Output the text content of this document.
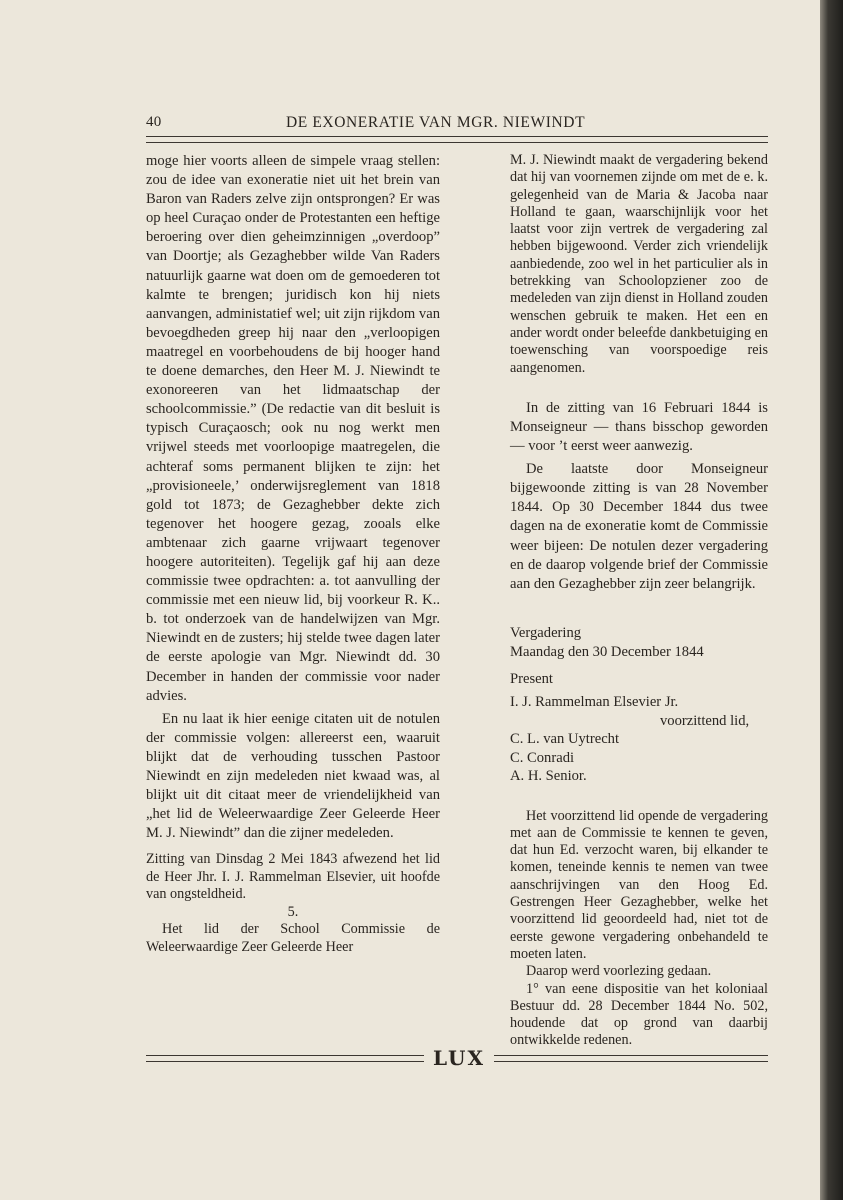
40	DE EXONERATIE VAN MGR. NIEWINDT

moge hier voorts alleen de simpele vraag stellen: zou de idee van exoneratie niet uit het brein van Baron van Raders zelve zijn ontsprongen? Er was op heel Curaçao onder de Protestanten een heftige beroering over dien geheimzinnigen „overdoop” van Doortje; als Gezaghebber wilde Van Raders natuurlijk gaarne wat doen om de gemoederen tot kalmte te brengen; juridisch kon hij niets aanvangen, administatief wel; uit zijn rijkdom van bevoegdheden greep hij naar den „verloopigen maatregel en voorbehoudens de bij hooger hand te doene demarches, den Heer M. J. Niewindt te exonoreeren van het lidmaatschap der schoolcommissie.” (De redactie van dit besluit is typisch Curaçaosch; ook nu nog werkt men vrijwel steeds met voorloopige maatregelen, die achteraf soms permanent blijken te zijn: het „provisioneele,’ onderwijsreglement van 1818 gold tot 1873; de Gezaghebber dekte zich tegenover het hoogere gezag, zooals elke ambtenaar zich gaarne vrijwaart tegenover hoogere autoriteiten). Tegelijk gaf hij aan deze commissie twee opdrachten: a. tot aanvulling der commissie met een nieuw lid, bij voorkeur R. K.. b. tot onderzoek van de handelwijzen van Mgr. Niewindt en de zusters; hij stelde twee dagen later de eerste apologie van Mgr. Niewindt dd. 30 December in handen der commissie voor nader advies.

En nu laat ik hier eenige citaten uit de notulen der commissie volgen: allereerst een, waaruit blijkt dat de verhouding tusschen Pastoor Niewindt en zijn medeleden niet kwaad was, al blijkt uit dit citaat meer de vriendelijkheid van „het lid de Weleerwaardige Zeer Geleerde Heer M. J. Niewindt” dan die zijner medeleden.

Zitting van Dinsdag 2 Mei 1843 afwezend het lid de Heer Jhr. I. J. Rammelman Elsevier, uit hoofde van ongsteldheid.

5.

Het lid der School Commissie de Weleerwaardige Zeer Geleerde Heer

M. J. Niewindt maakt de vergadering bekend dat hij van voornemen zijnde om met de e. k. gelegenheid van de Maria & Jacoba naar Holland te gaan, waarschijnlijk voor het laatst voor zijn vertrek de vergadering zal hebben bijgewoond. Verder zich vriendelijk aanbiedende, zoo wel in het particulier als in betrekking van Schoolopziener zoo de medeleden van zijn dienst in Holland zouden wenschen gebruik te maken. Het een en ander wordt onder beleefde dankbetuiging en toewensching van voorspoedige reis aangenomen.

In de zitting van 16 Februari 1844 is Monseigneur — thans bisschop geworden — voor ’t eerst weer aanwezig.

De laatste door Monseigneur bijgewoonde zitting is van 28 November 1844. Op 30 December 1844 dus twee dagen na de exoneratie komt de Commissie weer bijeen: De notulen dezer vergadering en de daarop volgende brief der Commissie aan den Gezaghebber zijn zeer belangrijk.

Vergadering

Maandag den 30 December 1844

Present

I. J. Rammelman Elsevier Jr.
voorzittend lid,
C. L. van Uytrecht
C. Conradi
A. H. Senior.

Het voorzittend lid opende de vergadering met aan de Commissie te kennen te geven, dat hun Ed. verzocht waren, bij elkander te komen, teneinde kennis te nemen van twee aanschrijvingen van den Hoog Ed. Gestrengen Heer Gezaghebber, welke het voorzittend lid geoordeeld had, niet tot de eerste gewone vergadering onbehandeld te moeten laten.

Daarop werd voorlezing gedaan.

1° van eene dispositie van het koloniaal Bestuur dd. 28 December 1844 No. 502, houdende dat op grond van daarbij ontwikkelde redenen.

LUX
